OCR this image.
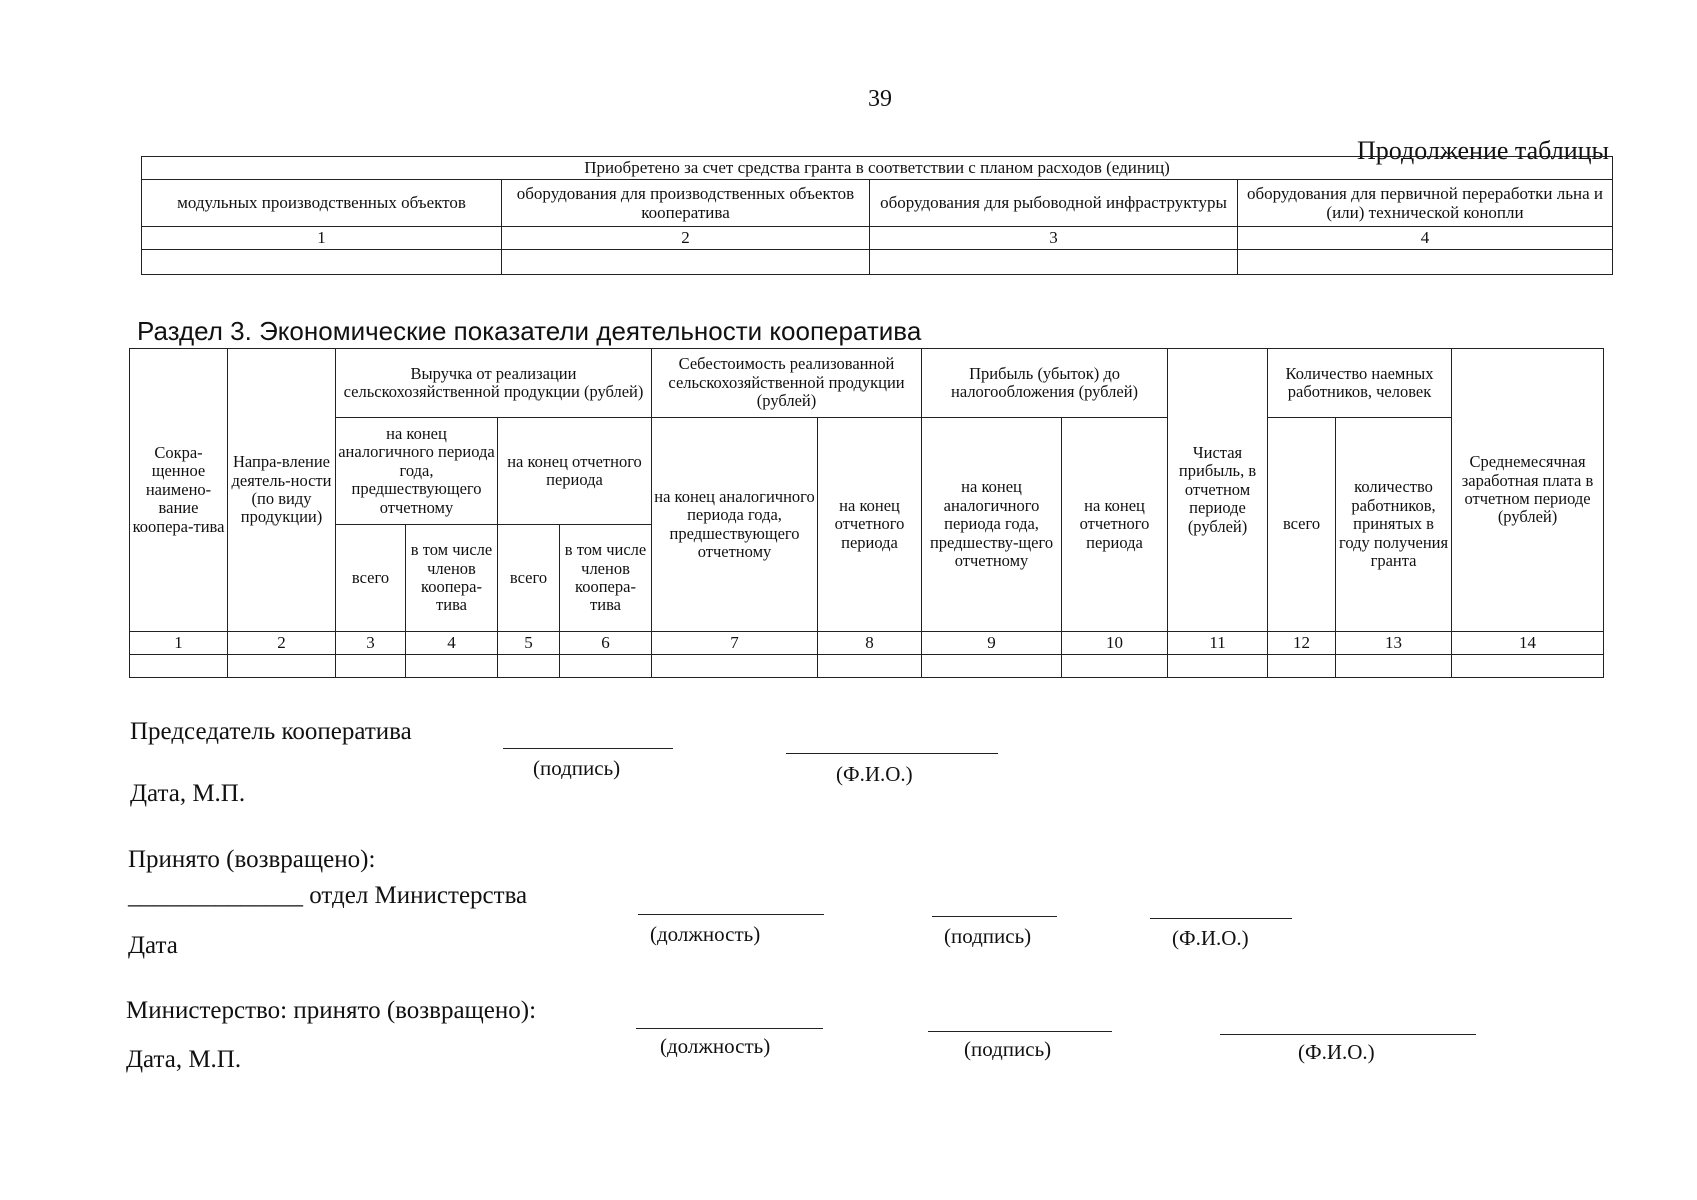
39
Продолжение таблицы
Приобретено за счет средства гранта в соответствии с планом расходов (единиц)			
модульных производственных объектов	оборудования для производственных объектов кооператива	оборудования для рыбоводной инфраструктуры	оборудования для первичной переработки льна и (или) технической конопли
1	2	3	4

Раздел 3. Экономические показатели деятельности кооператива
Сокра-щенное наимено-вание коопера-тива	Напра-вление деятель-ности (по виду продукции)	Выручка от реализации сельскохозяйственной продукции (рублей)				Себестоимость реализованной сельскохозяйственной продукции (рублей)		Прибыль (убыток) до налогообложения (рублей)		Чистая прибыль, в отчетном периоде (рублей)	Количество наемных работников, человек		Среднемесячная заработная плата в отчетном периоде (рублей)
		на конец аналогичного периода года, предшествующего отчетному		на конец отчетного периода		на конец аналогичного периода года, предшествующего отчетному	на конец отчетного периода	на конец аналогичного периода года, предшеству-щего отчетному	на конец отчетного периода		всего	количество работников, принятых в году получения гранта	
		всего	в том числе членов коопера-тива	всего	в том числе членов коопера-тива								
1	2	3	4	5	6	7	8	9	10	11	12	13	14

Председатель кооператива
(подпись)	(Ф.И.О.)
Дата, М.П.
Принято (возвращено):
______________ отдел Министерства
(должность)	(подпись)	(Ф.И.О.)
Дата
Министерство: принято (возвращено):
(должность)	(подпись)	(Ф.И.О.)
Дата, М.П.
